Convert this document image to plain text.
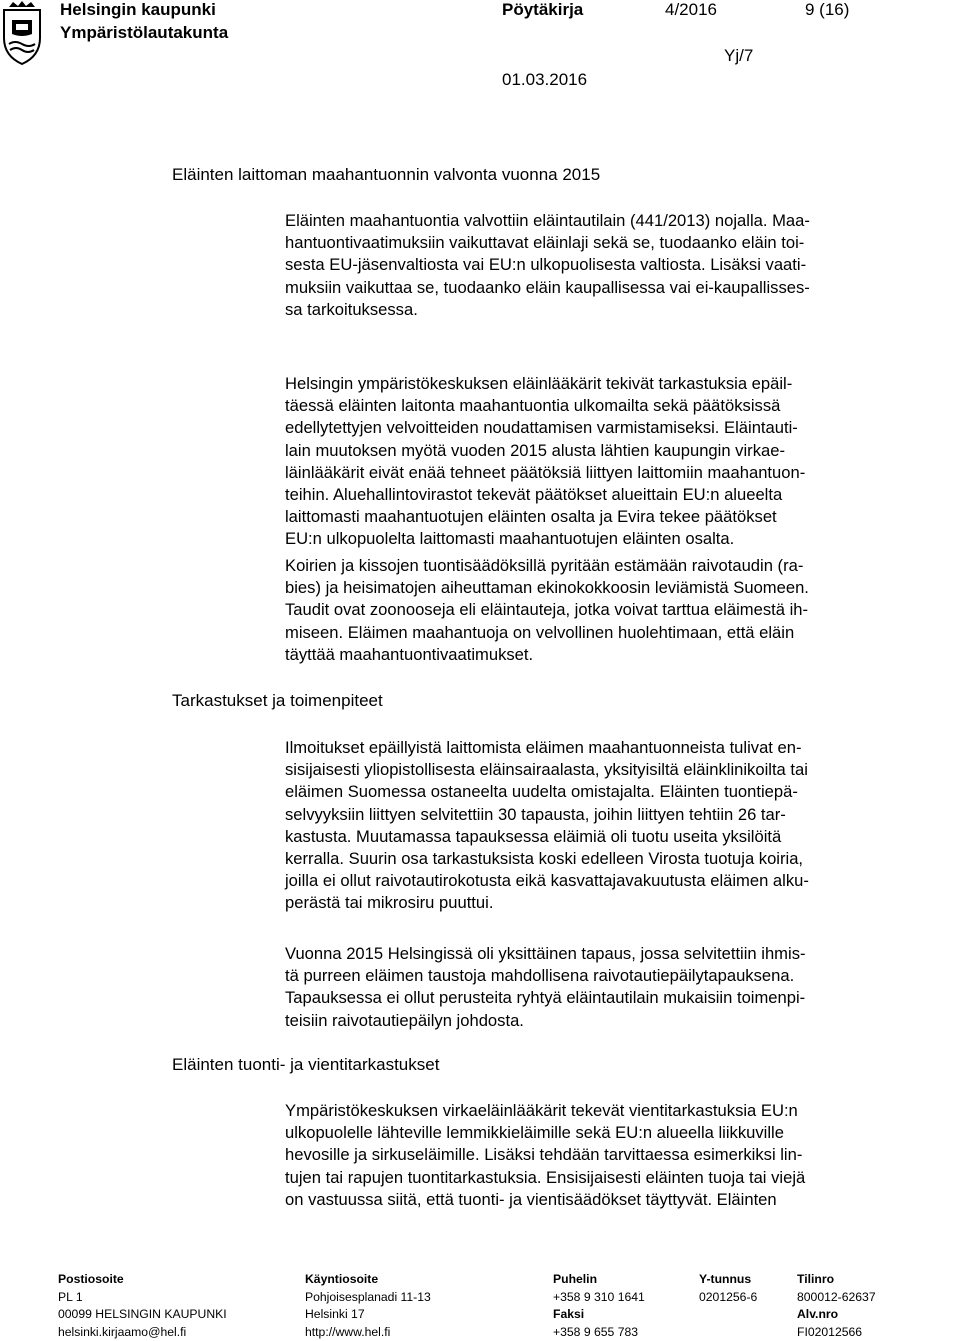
Helsingin kaupunki
Ympäristölautakunta
Pöytäkirja	4/2016	9 (16)
Yj/7
01.03.2016
Eläinten laittoman maahantuonnin valvonta vuonna 2015
Tarkastukset ja toimenpiteet
Eläinten tuonti- ja vientitarkastukset
Eläinten maahantuontia valvottiin eläintautilain (441/2013) nojalla. Maa-
hantuontivaatimuksiin vaikuttavat eläinlaji sekä se, tuodaanko eläin toi-
sesta EU-jäsenvaltiosta vai EU:n ulkopuolisesta valtiosta. Lisäksi vaati-
muksiin vaikuttaa se, tuodaanko eläin kaupallisessa vai ei-kaupallisses-
sa tarkoituksessa.
Helsingin ympäristökeskuksen eläinlääkärit tekivät tarkastuksia epäil-
täessä eläinten laitonta maahantuontia ulkomailta sekä päätöksissä
edellytettyjen velvoitteiden noudattamisen varmistamiseksi. Eläintauti-
lain muutoksen myötä vuoden 2015 alusta lähtien kaupungin virkae-
läinlääkärit eivät enää tehneet päätöksiä liittyen laittomiin maahantuon-
teihin. Aluehallintovirastot tekevät päätökset alueittain EU:n alueelta
laittomasti maahantuotujen eläinten osalta ja Evira tekee päätökset
EU:n ulkopuolelta laittomasti maahantuotujen eläinten osalta.
Koirien ja kissojen tuontisäädöksillä pyritään estämään raivotaudin (ra-
bies) ja heisimatojen aiheuttaman ekinokokkoosin leviämistä Suomeen.
Taudit ovat zoonooseja eli eläintauteja, jotka voivat tarttua eläimestä ih-
miseen. Eläimen maahantuoja on velvollinen huolehtimaan, että eläin
täyttää maahantuontivaatimukset.
Ilmoitukset epäillyistä laittomista eläimen maahantuonneista tulivat en-
sisijaisesti yliopistollisesta eläinsairaalasta, yksityisiltä eläinklinikoilta tai
eläimen Suomessa ostaneelta uudelta omistajalta. Eläinten tuontiepä-
selvyyksiin liittyen selvitettiin 30 tapausta, joihin liittyen tehtiin 26 tar-
kastusta. Muutamassa tapauksessa eläimiä oli tuotu useita yksilöitä
kerralla. Suurin osa tarkastuksista koski edelleen Virosta tuotuja koiria,
joilla ei ollut raivotautirokotusta eikä kasvattajavakuutusta eläimen alku-
perästä tai mikrosiru puuttui.
Vuonna 2015 Helsingissä oli yksittäinen tapaus, jossa selvitettiin ihmis-
tä purreen eläimen taustoja mahdollisena raivotautiepäilytapauksena.
Tapauksessa ei ollut perusteita ryhtyä eläintautilain mukaisiin toimenpi-
teisiin raivotautiepäilyn johdosta.
Ympäristökeskuksen virkaeläinlääkärit tekevät vientitarkastuksia EU:n
ulkopuolelle lähteville lemmikkieläimille sekä EU:n alueella liikkuville
hevosille ja sirkuseläimille. Lisäksi tehdään tarvittaessa esimerkiksi lin-
tujen tai rapujen tuontitarkastuksia. Ensisijaisesti eläinten tuoja tai viejä
on vastuussa siitä, että tuonti- ja vientisäädökset täyttyvät. Eläinten
Postiosoite
PL 1
00099 HELSINGIN KAUPUNKI
helsinki.kirjaamo@hel.fi
Käyntiosoite
Pohjoisesplanadi 11-13
Helsinki 17
http://www.hel.fi
Puhelin
+358 9 310 1641
Faksi
+358 9 655 783
Y-tunnus
0201256-6
Tilinro
800012-62637
Alv.nro
FI02012566
